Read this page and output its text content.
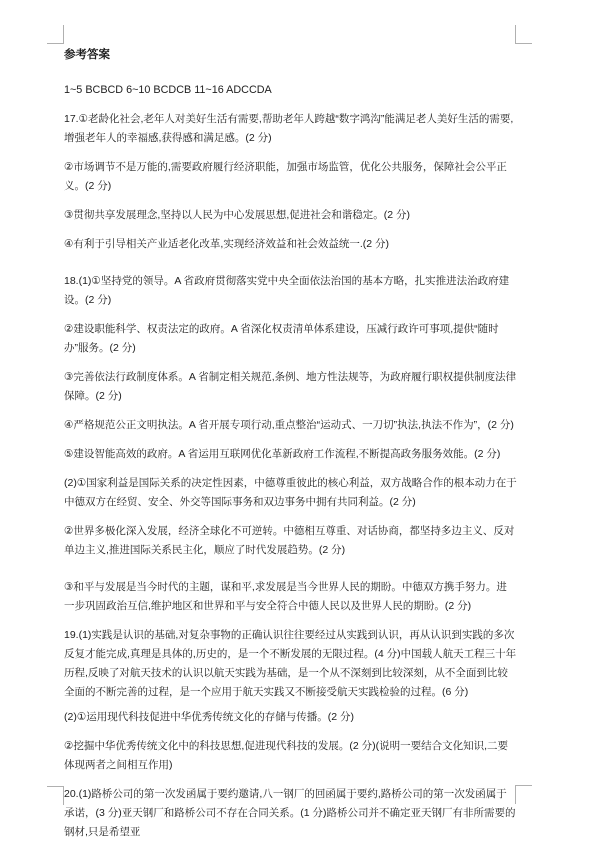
参考答案

1~5 BCBCD 6~10 BCDCB 11~16 ADCCDA

17.①老龄化社会,老年人对美好生活有需要,帮助老年人跨越“数字鸿沟”能满足老人美好生活的需要,增强老年人的幸福感,获得感和满足感。(2 分)

②市场调节不是万能的,需要政府履行经济职能，加强市场监管，优化公共服务，保障社会公平正义。(2 分)

③贯彻共享发展理念,坚持以人民为中心发展思想,促进社会和谐稳定。(2 分)

④有利于引导相关产业适老化改革,实现经济效益和社会效益统一.(2 分)

18.(1)①坚持党的领导。A 省政府贯彻落实党中央全面依法治国的基本方略，扎实推进法治政府建设。(2 分)

②建设职能科学、权责法定的政府。A 省深化权责清单体系建设，压减行政许可事项,提供“随时办”服务。(2 分)

③完善依法行政制度体系。A 省制定相关规范,条例、地方性法规等，为政府履行职权提供制度法律保障。(2 分)

④严格规范公正文明执法。A 省开展专项行动,重点整治“运动式、一刀切”执法,执法不作为”，(2 分)

⑤建设智能高效的政府。A 省运用互联网优化革新政府工作流程,不断提高政务服务效能。(2 分)

(2)①国家利益是国际关系的决定性因素，中德尊重彼此的核心利益，双方战略合作的根本动力在于中德双方在经贸、安全、外交等国际事务和双边事务中拥有共同利益。(2 分)

②世界多极化深入发展，经济全球化不可逆转。中德相互尊重、对话协商，都坚持多边主义、反对单边主义,推进国际关系民主化，顺应了时代发展趋势。(2 分)

③和平与发展是当今时代的主题，谋和平,求发展是当今世界人民的期盼。中德双方携手努力。进一步巩固政治互信,维护地区和世界和平与安全符合中德人民以及世界人民的期盼。(2 分)

19.(1)实践是认识的基础,对复杂事物的正确认识往往要经过从实践到认识，再从认识到实践的多次反复才能完成,真理是具体的,历史的，是一个不断发展的无限过程。(4 分)中国载人航天工程三十年历程,反映了对航天技术的认识以航天实践为基础，是一个从不深刻到比较深刻，从不全面到比较全面的不断完善的过程，是一个应用于航天实践又不断接受航天实践检验的过程。(6 分)

(2)①运用现代科技促进中华优秀传统文化的存储与传播。(2 分)

②挖掘中华优秀传统文化中的科技思想,促进现代科技的发展。(2 分)(说明一要结合文化知识,二要体现两者之间相互作用)

20.(1)路桥公司的第一次发函属于要约邀请,八一钢厂的回函属于要约,路桥公司的第一次发函属于承诺，(3 分)亚天钢厂和路桥公司不存在合同关系。(1 分)路桥公司并不确定亚天钢厂有非所需要的钢材,只是希望亚
